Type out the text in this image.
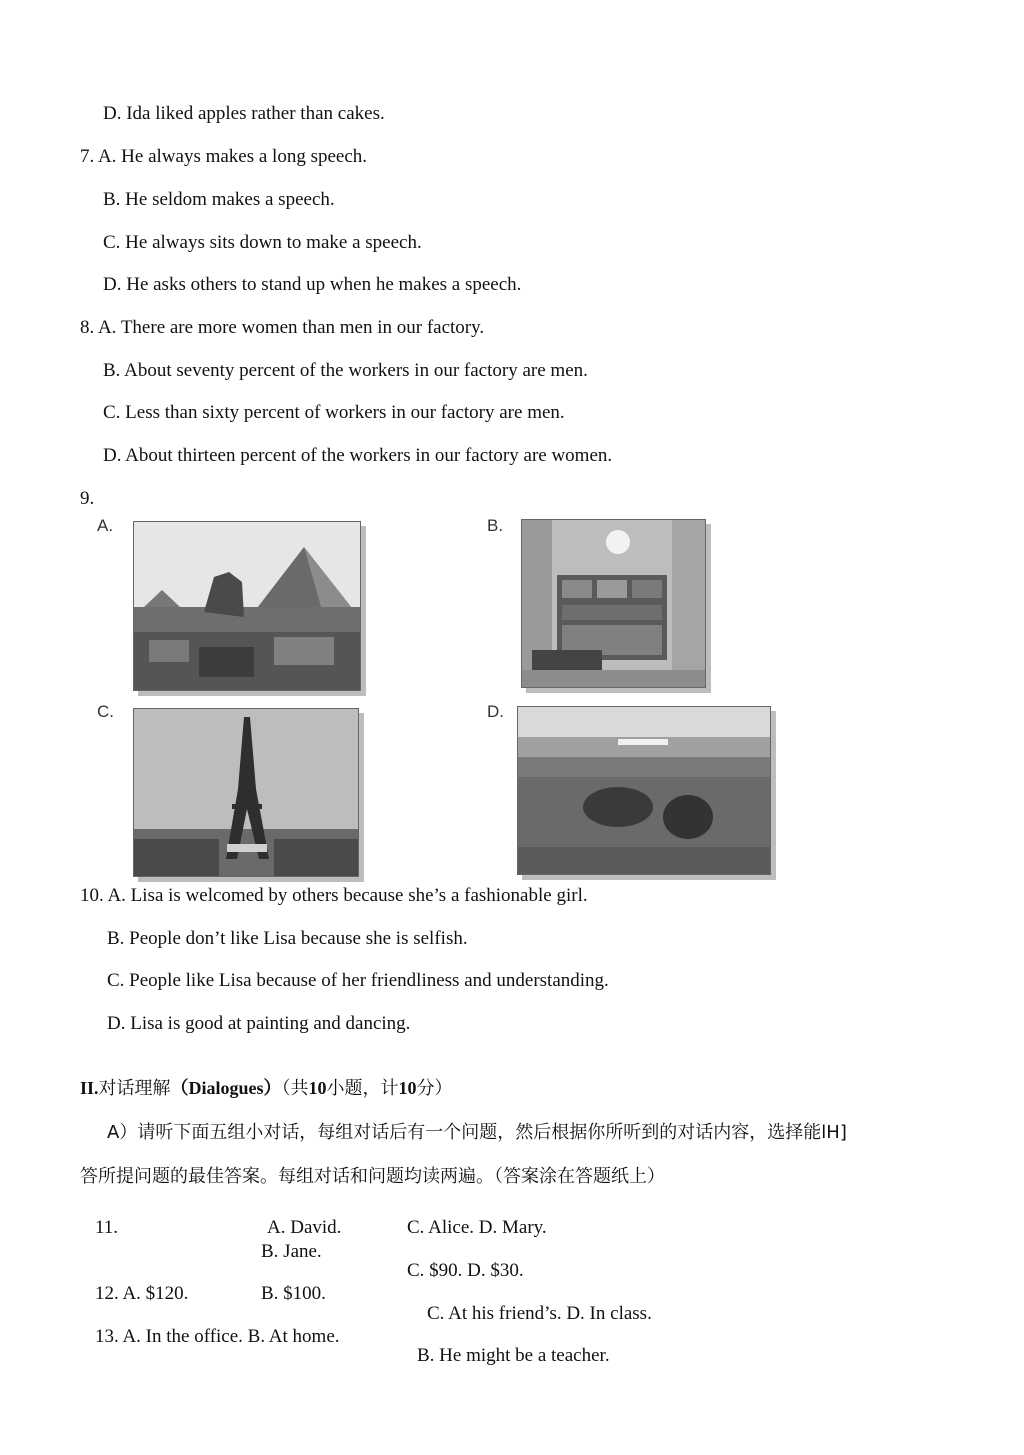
D. Ida liked apples rather than cakes.
7. A. He always makes a long speech.
B. He seldom makes a speech.
C. He always sits down to make a speech.
D. He asks others to stand up when he makes a speech.
8. A. There are more women than men in our factory.
B. About seventy percent of the workers in our factory are men.
C. Less than sixty percent of workers in our factory are men.
D. About thirteen percent of the workers in our factory are women.
9.
A.	B.
C.	D.
10. A. Lisa is welcomed by others because she’s a fashionable girl.
B. People don’t like Lisa because she is selfish.
C. People like Lisa because of her friendliness and understanding.
D. Lisa is good at painting and dancing.
II.对话理解（Dialogues）（共10小题，计10分）
A）请听下面五组小对话，每组对话后有一个问题，然后根据你所听到的对话内容，选择能lH]
答所提问题的最佳答案。每组对话和问题均读两遍。（答案涂在答题纸上）
11.	A. David.
B. Jane.
C. Alice. D. Mary.
C. $90. D. $30.
12. A. $120.	B. $100.
C. At his friend’s. D. In class.
13. A. In the office. B. At home.
B. He might be a teacher.
